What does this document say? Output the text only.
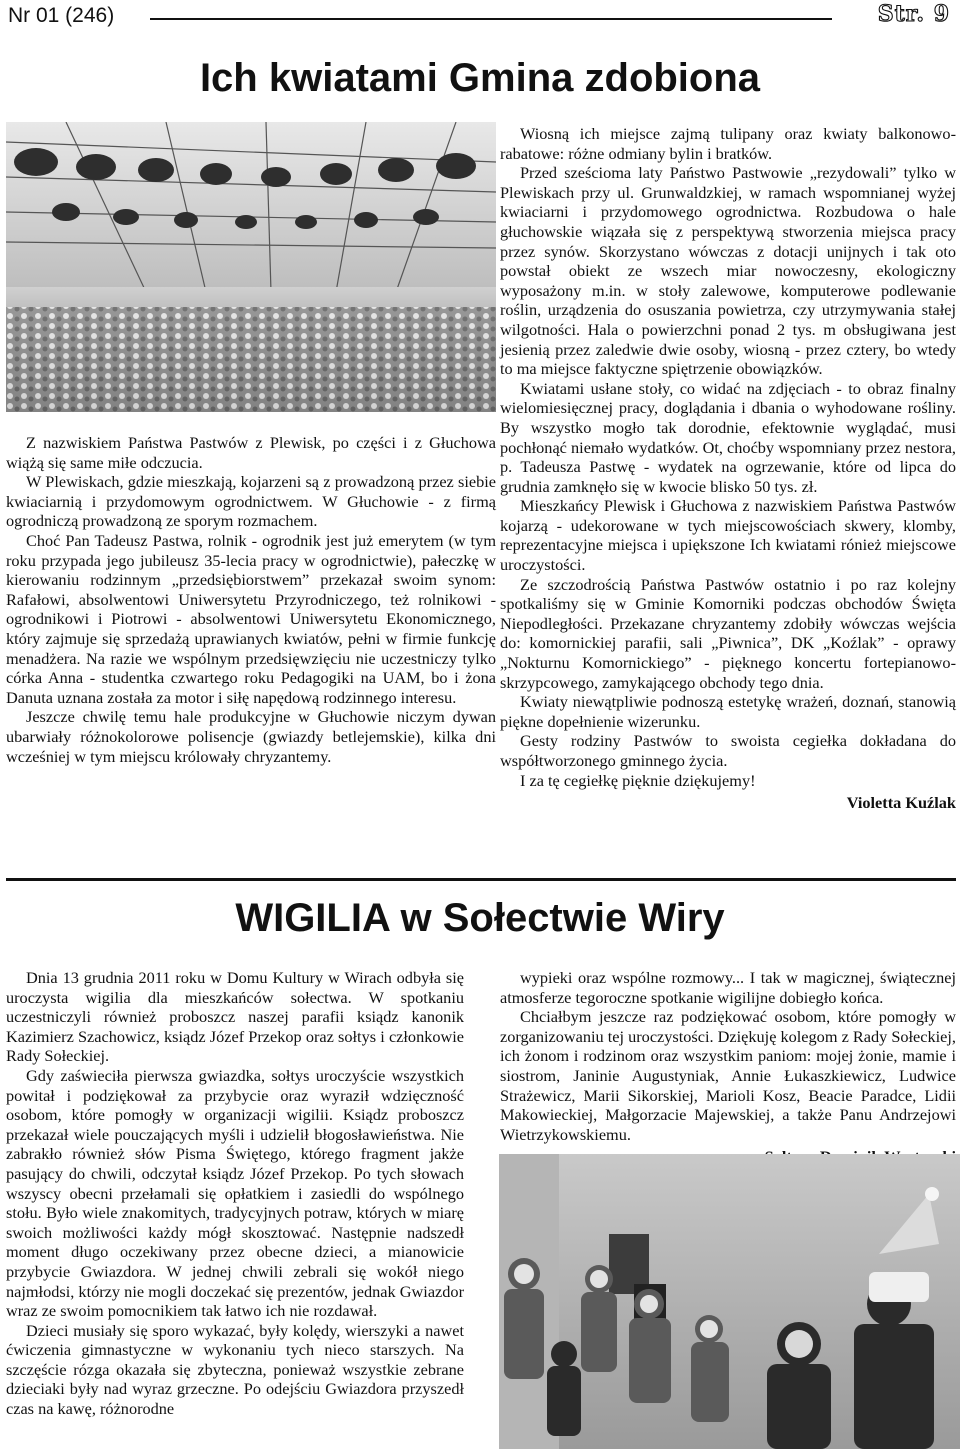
Nr 01 (246)	Str. 9
Ich kwiatami Gmina zdobiona

Z nazwiskiem Państwa Pastwów z Plewisk, po części i z Głuchowa wiążą się same miłe odczucia.

W Plewiskach, gdzie mieszkają, kojarzeni są z prowadzoną przez siebie kwiaciarnią i przydomowym ogrodnictwem. W Głuchowie - z firmą ogrodniczą prowadzoną ze sporym rozmachem.

Choć Pan Tadeusz Pastwa, rolnik - ogrodnik jest już emerytem (w tym roku przypada jego jubileusz 35-lecia pracy w ogrodnictwie), pałeczkę w kierowaniu rodzinnym „przedsiębiorstwem” przekazał swoim synom: Rafałowi, absolwentowi Uniwersytetu Przyrodniczego, też rolnikowi - ogrodnikowi i Piotrowi - absolwentowi Uniwersytetu Ekonomicznego, który zajmuje się sprzedażą uprawianych kwiatów, pełni w firmie funkcję menadżera. Na razie we wspólnym przedsięwzięciu nie uczestniczy tylko córka Anna - studentka czwartego roku Pedagogiki na UAM, bo i żona Danuta uznana została za motor i siłę napędową rodzinnego interesu.

Jeszcze chwilę temu hale produkcyjne w Głuchowie niczym dywan ubarwiały różnokolorowe polisencje (gwiazdy betlejemskie), kilka dni wcześniej w tym miejscu królowały chryzantemy.

Wiosną ich miejsce zajmą tulipany oraz kwiaty balkonowo-rabatowe: różne odmiany bylin i bratków.

Przed sześcioma laty Państwo Pastwowie „rezydowali” tylko w Plewiskach przy ul. Grunwaldzkiej, w ramach wspomnianej wyżej kwiaciarni i przydomowego ogrodnictwa. Rozbudowa o hale głuchowskie wiązała się z perspektywą stworzenia miejsca pracy przez synów. Skorzystano wówczas z dotacji unijnych i tak oto powstał obiekt ze wszech miar nowoczesny, ekologiczny wyposażony m.in. w stoły zalewowe, komputerowe podlewanie roślin, urządzenia do osuszania powietrza, czy utrzymywania stałej wilgotności. Hala o powierzchni ponad 2 tys. m obsługiwana jest jesienią przez zaledwie dwie osoby, wiosną - przez cztery, bo wtedy to ma miejsce faktyczne spiętrzenie obowiązków.

Kwiatami usłane stoły, co widać na zdjęciach - to obraz finalny wielomiesięcznej pracy, doglądania i dbania o wyhodowane rośliny. By wszystko mogło tak dorodnie, efektownie wyglądać, musi pochłonąć niemało wydatków. Ot, choćby wspomniany przez nestora, p. Tadeusza Pastwę - wydatek na ogrzewanie, które od lipca do grudnia zamknęło się w kwocie blisko 50 tys. zł.

Mieszkańcy Plewisk i Głuchowa z nazwiskiem Państwa Pastwów kojarzą - udekorowane w tych miejscowościach skwery, klomby, reprezentacyjne miejsca i upiększone Ich kwiatami rónież miejscowe uroczystości.

Ze szczodrością Państwa Pastwów ostatnio i po raz kolejny spotkaliśmy się w Gminie Komorniki podczas obchodów Święta Niepodległości. Przekazane chryzantemy zdobiły wówczas wejścia do: komornickiej parafii, sali „Piwnica”, DK „Koźlak” - oprawy „Nokturnu Komornickiego” - pięknego koncertu fortepianowo-skrzypcowego, zamykającego obchody tego dnia.

Kwiaty niewątpliwie podnoszą estetykę wrażeń, doznań, stanowią piękne dopełnienie wizerunku.

Gesty rodziny Pastwów to swoista cegiełka dokładana do współtworzonego gminnego życia.

I za tę cegiełkę pięknie dziękujemy!

Violetta Kuźlak
WIGILIA w Sołectwie Wiry

Dnia 13 grudnia 2011 roku w Domu Kultury w Wirach odbyła się uroczysta wigilia dla mieszkańców sołectwa. W spotkaniu uczestniczyli również proboszcz naszej parafii ksiądz kanonik Kazimierz Szachowicz, ksiądz Józef Przekop oraz sołtys i członkowie Rady Sołeckiej.

Gdy zaświeciła pierwsza gwiazdka, sołtys uroczyście wszystkich powitał i podziękował za przybycie oraz wyraził wdzięczność osobom, które pomogły w organizacji wigilii. Ksiądz proboszcz przekazał wiele pouczających myśli i udzielił błogosławieństwa. Nie zabrakło również słów Pisma Świętego, którego fragment jakże pasujący do chwili, odczytał ksiądz Józef Przekop. Po tych słowach wszyscy obecni przełamali się opłatkiem i zasiedli do wspólnego stołu. Było wiele znakomitych, tradycyjnych potraw, których w miarę swoich możliwości każdy mógł skosztować. Następnie nadszedł moment długo oczekiwany przez obecne dzieci, a mianowicie przybycie Gwiazdora. W jednej chwili zebrali się wokół niego najmłodsi, którzy nie mogli doczekać się prezentów, jednak Gwiazdor wraz ze swoim pomocnikiem tak łatwo ich nie rozdawał.

Dzieci musiały się sporo wykazać, były kolędy, wierszyki a nawet ćwiczenia gimnastyczne w wykonaniu tych nieco starszych. Na szczęście rózga okazała się zbyteczna, ponieważ wszystkie zebrane dzieciaki były nad wyraz grzeczne. Po odejściu Gwiazdora przyszedł czas na kawę, różnorodne

wypieki oraz wspólne rozmowy... I tak w magicznej, świątecznej atmosferze tegoroczne spotkanie wigilijne dobiegło końca.

Chciałbym jeszcze raz podziękować osobom, które pomogły w zorganizowaniu tej uroczystości. Dziękuję kolegom z Rady Sołeckiej, ich żonom i rodzinom oraz wszystkim paniom: mojej żonie, mamie i siostrom, Janinie Augustyniak, Annie Łukaszkiewicz, Ludwice Strażewicz, Marii Sikorskiej, Marioli Kosz, Beacie Paradce, Lidii Makowieckiej, Małgorzacie Majewskiej, a także Panu Andrzejowi Wietrzykowskiemu.
